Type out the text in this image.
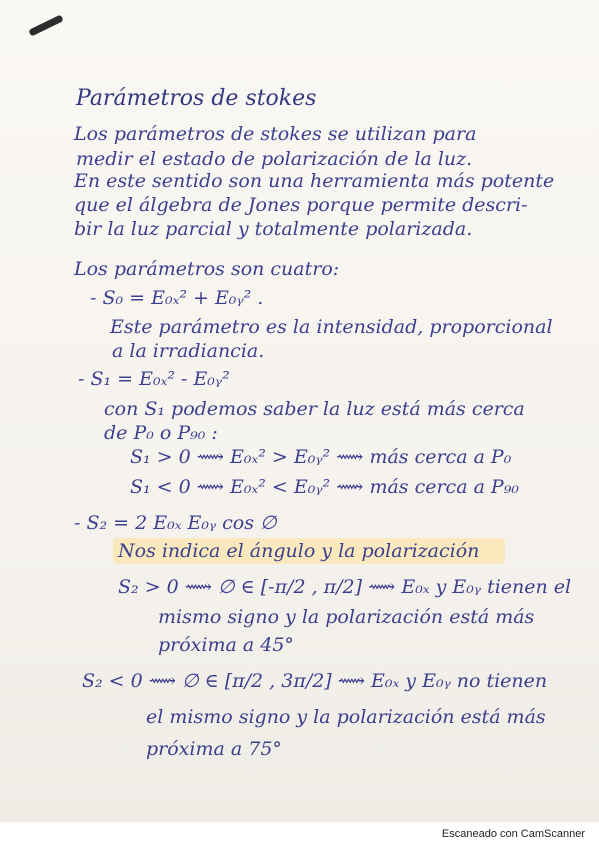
Parámetros de stokes

Los parámetros de stokes se utilizan para

medir el estado de polarización de la luz.

En este sentido son una herramienta más potente

que el álgebra de Jones porque permite descri-

bir la luz parcial y totalmente polarizada.

Los parámetros son cuatro:

- S₀ = E₀ₓ² + E₀ᵧ² .

Este parámetro es la intensidad, proporcional

a la irradiancia.

- S₁ = E₀ₓ² - E₀ᵧ²

con S₁ podemos saber la luz está más cerca

de P₀ o P₉₀ :

S₁ > 0 ⟿ E₀ₓ² > E₀ᵧ² ⟿ más cerca a P₀

S₁ < 0 ⟿ E₀ₓ² < E₀ᵧ² ⟿ más cerca a P₉₀

- S₂ = 2 E₀ₓ E₀ᵧ cos ∅

Nos indica el ángulo y la polarización

S₂ > 0 ⟿ ∅ ∈ [-π/2 , π/2] ⟿ E₀ₓ y E₀ᵧ tienen el

mismo signo y la polarización está más

próxima a 45°

S₂ < 0 ⟿ ∅ ∈ [π/2 , 3π/2] ⟿ E₀ₓ y E₀ᵧ no tienen

el mismo signo y la polarización está más

próxima a 75°

Escaneado con CamScanner
